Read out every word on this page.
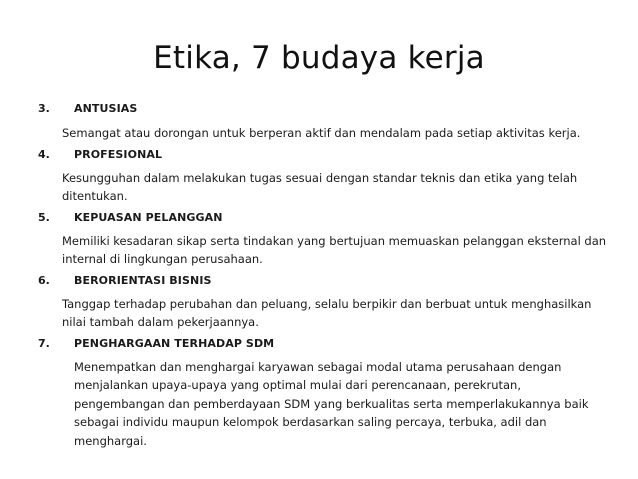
Etika, 7 budaya kerja
3.	ANTUSIAS

Semangat atau dorongan untuk berperan aktif dan mendalam pada setiap aktivitas kerja.

4.	PROFESIONAL

Kesungguhan dalam melakukan tugas sesuai dengan standar teknis dan etika yang telah ditentukan.

5.	KEPUASAN PELANGGAN

Memiliki kesadaran sikap serta tindakan yang bertujuan memuaskan pelanggan eksternal dan internal di lingkungan perusahaan.

6.	BERORIENTASI BISNIS

Tanggap terhadap perubahan dan peluang, selalu berpikir dan berbuat untuk menghasilkan nilai tambah dalam pekerjaannya.

7.	PENGHARGAAN TERHADAP SDM

Menempatkan dan menghargai karyawan sebagai modal utama perusahaan dengan menjalankan upaya-upaya yang optimal mulai dari perencanaan, perekrutan, pengembangan dan pemberdayaan SDM yang berkualitas serta memperlakukannya baik sebagai individu maupun kelompok berdasarkan saling percaya, terbuka, adil dan menghargai.
